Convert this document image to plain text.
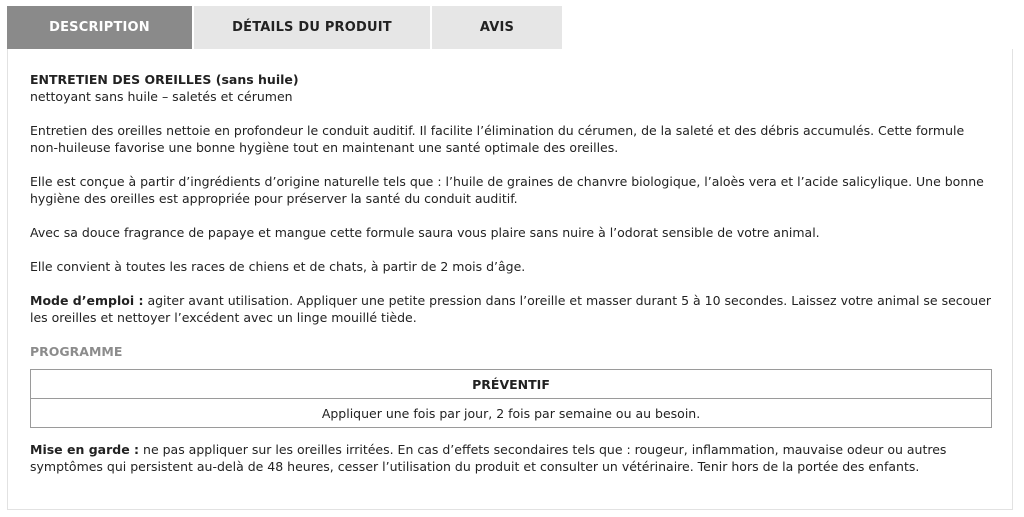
DESCRIPTION	DÉTAILS DU PRODUIT	AVIS
ENTRETIEN DES OREILLES (sans huile)
nettoyant sans huile – saletés et cérumen

Entretien des oreilles nettoie en profondeur le conduit auditif. Il facilite l’élimination du cérumen, de la saleté et des débris accumulés. Cette formule non-huileuse favorise une bonne hygiène tout en maintenant une santé optimale des oreilles.

Elle est conçue à partir d’ingrédients d’origine naturelle tels que : l’huile de graines de chanvre biologique, l’aloès vera et l’acide salicylique. Une bonne hygiène des oreilles est appropriée pour préserver la santé du conduit auditif.

Avec sa douce fragrance de papaye et mangue cette formule saura vous plaire sans nuire à l’odorat sensible de votre animal.

Elle convient à toutes les races de chiens et de chats, à partir de 2 mois d’âge.

Mode d’emploi : agiter avant utilisation. Appliquer une petite pression dans l’oreille et masser durant 5 à 10 secondes. Laissez votre animal se secouer les oreilles et nettoyer l’excédent avec un linge mouillé tiède.

PROGRAMME
PRÉVENTIF
Appliquer une fois par jour, 2 fois par semaine ou au besoin.

Mise en garde : ne pas appliquer sur les oreilles irritées. En cas d’effets secondaires tels que : rougeur, inflammation, mauvaise odeur ou autres symptômes qui persistent au-delà de 48 heures, cesser l’utilisation du produit et consulter un vétérinaire. Tenir hors de la portée des enfants.
